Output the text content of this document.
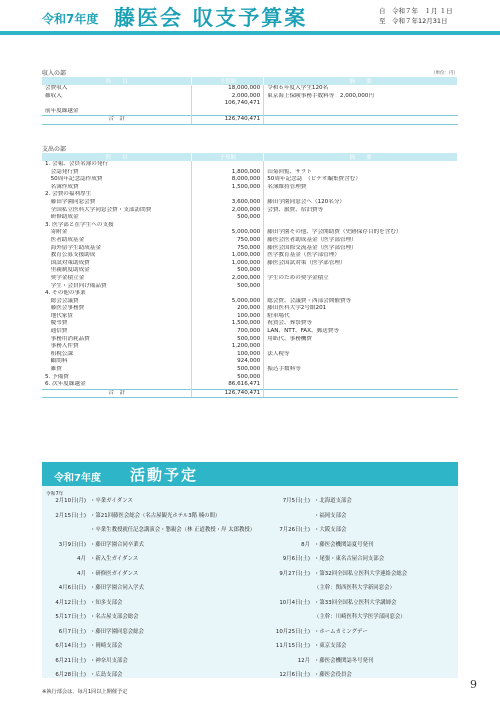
令和7年度 藤医会 収支予算案	自　令和７年　１月 １日
至　令和７年12月31日
収入の部	（単位：円）
科　　目	予算額	摘　　要
会費収入	18,000,000	令和６年度入学生120名
雑収入	2,000,000	東京海上保険事務手数料等　2,000,000円
	106,740,471	
前年度繰越金		
合　計	126,740,471	
支出の部
科　　目	予算額	摘　　要
1. 会報、会員名簿の発行		
　会誌発行費	1,800,000	山菊回覧、サラト
　50周年記念誌作成費	8,000,000	50周年記念誌　（ビデオ編集費含む）
　名簿作成費	1,500,000	名簿維持管理費
2. 会費の福利厚生		
　藤田学園同窓会費	3,600,000	藤田学園同窓会へ（120名分）
　全国私立医科大学同窓会費・支部訪問費	2,000,000	会費、旅費、宿泊費等
　研修助成金	500,000	
3. 医学部と在学生への支援		
　寄附金	5,000,000	藤田学園その他、学会開助費（史跡保存目的を含む）
　医者助成基金	750,000	藤医会医者助成基金（医学部管理）
　海外留学生助成基金	750,000	藤医会国際交流基金（医学部管理）
　教育公募支援助成	1,000,000	医学教育基金（医学部管理）
　国試対策助成費	1,000,000	藤医会国試対策（医学部管理）
　里親制度助成金	500,000	
　奨学金積立金	2,000,000	学生のための奨学金積立
　学生・会員向け備品費	500,000	
4. その他の事業		
　総会会議費	5,000,000	総会費、会議費・西部会開催費等
　藤医会事務費	200,000	藤田医科大学2号館201
　地代家賃	100,000	駐車場代
　慶弔費	1,500,000	祝賀会、葬祭費等
　通信費	700,000	LAN、NTT、FAX、郵送費等
　事務用消耗品費	500,000	用紙代、事務機費
　事務人件費	1,200,000	
　租税公課	100,000	法人税等
　顧問料	924,000	
　雑費	500,000	振込手数料等
5. 予備費	500,000	
6. 次年度繰越金	86,616,471	
合　計	126,740,471	
令和7年度 活動予定
令和7年
2月10日(月) ・卒業ガイダンス
2月15日(土) ・第21回藤医会総会（名古屋観光ホテル3階 楠の間）
・卒業生教授就任記念講演会・懇親会（林 正道教授・岸 太郎教授）
3月9日(日) ・藤田学園合同卒業式
4月 ・新入生ガイダンス
4月 ・研修医ガイダンス
4月6日(日) ・藤田学園合同入学式
4月12日(土) ・知多支部会
5月17日(土) ・名古屋支部会総会
6月7日(土) ・藤田学園同窓会総会
6月14日(土) ・岡崎支部会
6月21日(土) ・神奈川支部会
6月28日(土) ・広島支部会
7月5日(土) ・北海道支部会
・福岡支部会
7月26日(土) ・大阪支部会
8月 ・藤医会機関誌夏号発刊
9月6日(土) ・尾張・東名古屋合同支部会
9月27日(土) ・第32回全国私立医科大学連絡会総会
（主幹：関西医科大学新同窓会）
10月4日(土) ・第33回全国私立医科大学講師会
（主幹：川崎医科大学医学部同窓会）
10月25日(土) ・ホームカミングデー
11月15日(土) ・東京支部会
12月 ・藤医会機関誌冬号発刊
12月6日(土) ・藤医会役員会
※執行部会は、毎月1回以上開催予定
9
